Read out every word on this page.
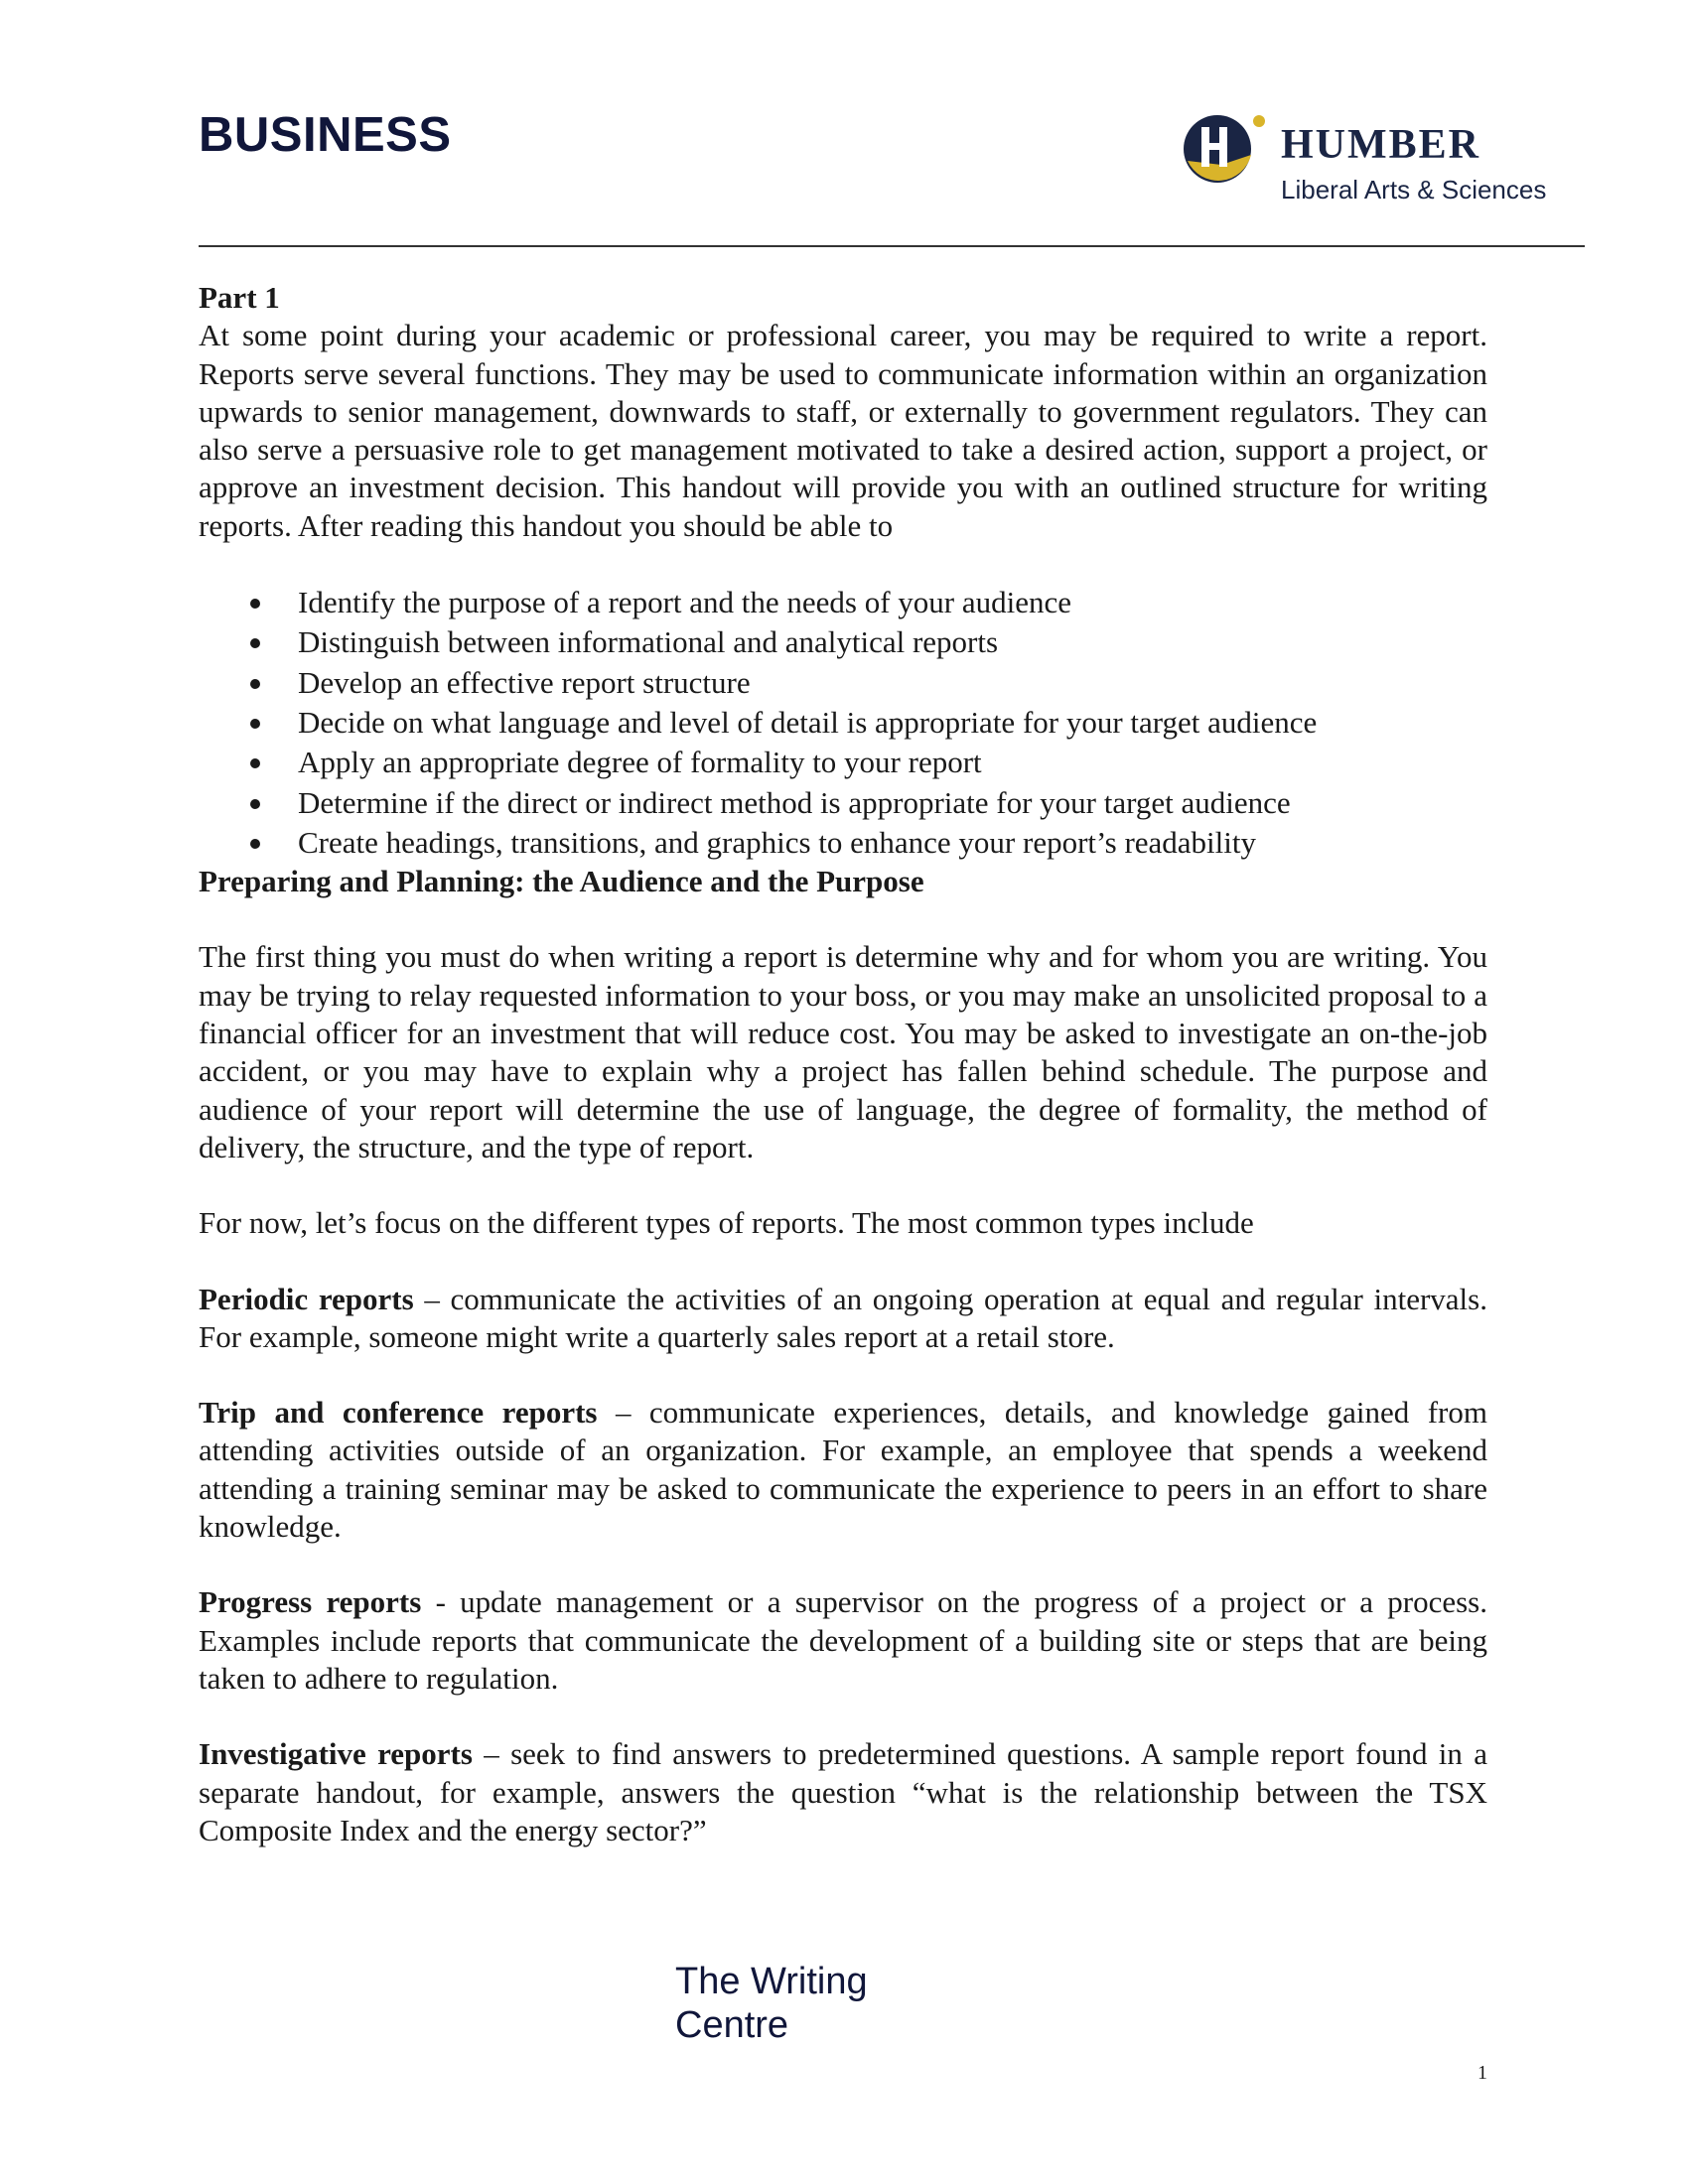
BUSINESS	HUMBER
Liberal Arts & Sciences

Part 1

At some point during your academic or professional career, you may be required to write a report. Reports serve several functions. They may be used to communicate information within an organization upwards to senior management, downwards to staff, or externally to government regulators. They can also serve a persuasive role to get management motivated to take a desired action, support a project, or approve an investment decision. This handout will provide you with an outlined structure for writing reports. After reading this handout you should be able to

Identify the purpose of a report and the needs of your audience
Distinguish between informational and analytical reports
Develop an effective report structure
Decide on what language and level of detail is appropriate for your target audience
Apply an appropriate degree of formality to your report
Determine if the direct or indirect method is appropriate for your target audience
Create headings, transitions, and graphics to enhance your report’s readability

Preparing and Planning: the Audience and the Purpose

The first thing you must do when writing a report is determine why and for whom you are writing. You may be trying to relay requested information to your boss, or you may make an unsolicited proposal to a financial officer for an investment that will reduce cost. You may be asked to investigate an on-the-job accident, or you may have to explain why a project has fallen behind schedule. The purpose and audience of your report will determine the use of language, the degree of formality, the method of delivery, the structure, and the type of report.

For now, let’s focus on the different types of reports. The most common types include

Periodic reports – communicate the activities of an ongoing operation at equal and regular intervals. For example, someone might write a quarterly sales report at a retail store.

Trip and conference reports – communicate experiences, details, and knowledge gained from attending activities outside of an organization. For example, an employee that spends a weekend attending a training seminar may be asked to communicate the experience to peers in an effort to share knowledge.

Progress reports - update management or a supervisor on the progress of a project or a process. Examples include reports that communicate the development of a building site or steps that are being taken to adhere to regulation.

Investigative reports – seek to find answers to predetermined questions. A sample report found in a separate handout, for example, answers the question “what is the relationship between the TSX Composite Index and the energy sector?”

The Writing Centre
1
